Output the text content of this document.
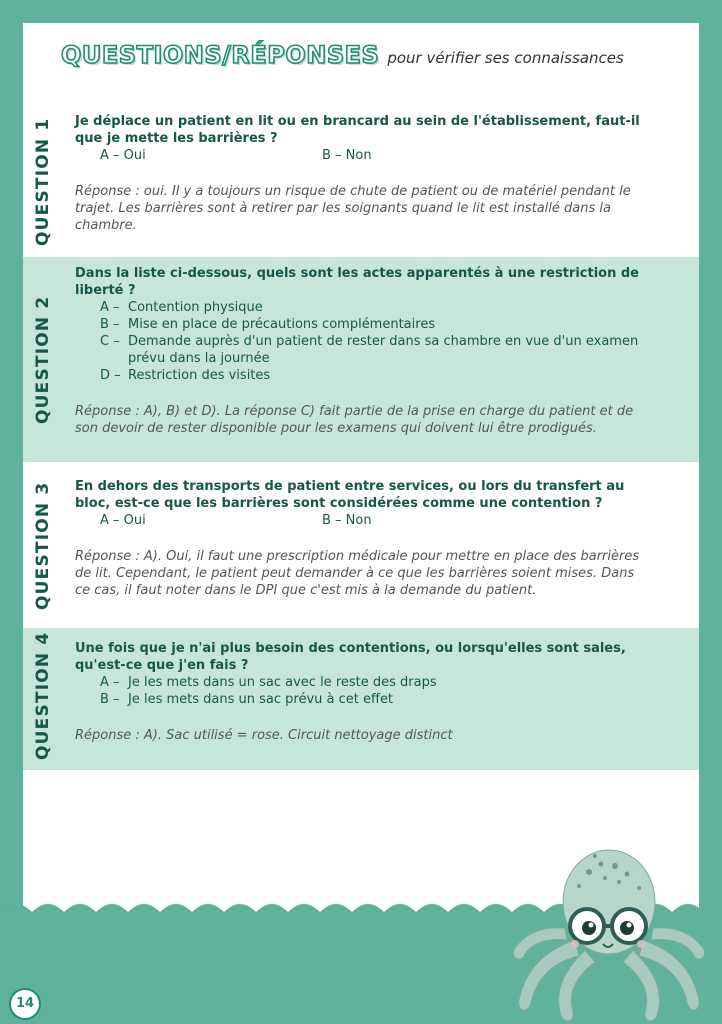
QUESTIONS/RÉPONSES pour vérifier ses connaissances
QUESTION 1	Je déplace un patient en lit ou en brancard au sein de l'établissement, faut-il que je mette les barrières ?
A – Oui	B – Non
Réponse : oui. Il y a toujours un risque de chute de patient ou de matériel pendant le trajet. Les barrières sont à retirer par les soignants quand le lit est installé dans la chambre.
QUESTION 2
Dans la liste ci-dessous, quels sont les actes apparentés à une restriction de liberté ?
A – Contention physique
B – Mise en place de précautions complémentaires
C – Demande auprès d'un patient de rester dans sa chambre en vue d'un examen prévu dans la journée
D – Restriction des visites
Réponse : A), B) et D). La réponse C) fait partie de la prise en charge du patient et de son devoir de rester disponible pour les examens qui doivent lui être prodigués.
QUESTION 3	En dehors des transports de patient entre services, ou lors du transfert au bloc, est-ce que les barrières sont considérées comme une contention ?
A – Oui	B – Non
Réponse : A). Oui, il faut une prescription médicale pour mettre en place des barrières de lit. Cependant, le patient peut demander à ce que les barrières soient mises. Dans ce cas, il faut noter dans le DPI que c'est mis à la demande du patient.
QUESTION 4	Une fois que je n'ai plus besoin des contentions, ou lorsqu'elles sont sales, qu'est-ce que j'en fais ?
A – Je les mets dans un sac avec le reste des draps
B – Je les mets dans un sac prévu à cet effet
Réponse : A). Sac utilisé = rose. Circuit nettoyage distinct
14
